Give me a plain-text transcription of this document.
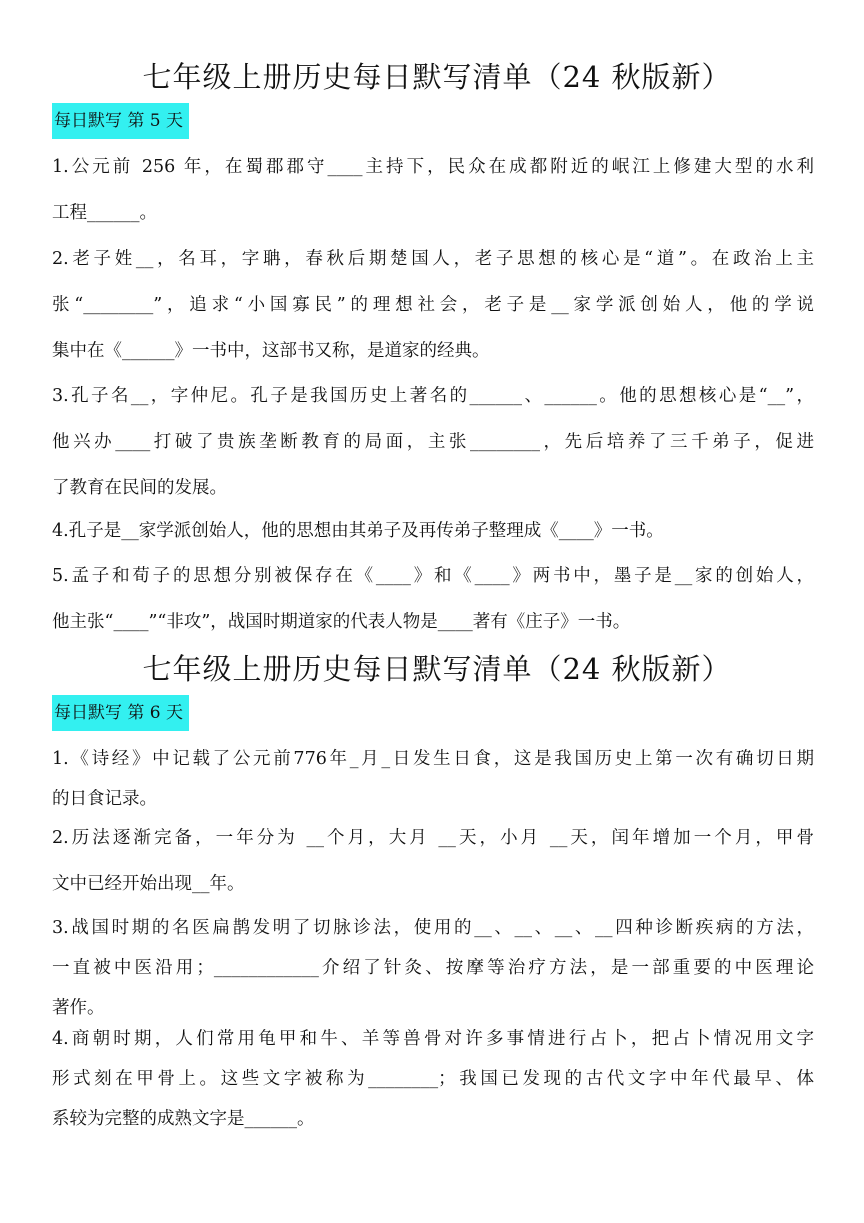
七年级上册历史每日默写清单（24 秋版新）
每日默写 第 5 天
1.公元前 256 年，在蜀郡郡守____主持下，民众在成都附近的岷江上修建大型的水利
工程______。
2.老子姓__，名耳，字聃，春秋后期楚国人，老子思想的核心是“道”。在政治上主
张“________”，追求“小国寡民”的理想社会，老子是__家学派创始人，他的学说
集中在《______》一书中，这部书又称，是道家的经典。
3.孔子名__，字仲尼。孔子是我国历史上著名的______、______。他的思想核心是“__”，
他兴办____打破了贵族垄断教育的局面，主张________，先后培养了三千弟子，促进
了教育在民间的发展。
4.孔子是__家学派创始人，他的思想由其弟子及再传弟子整理成《____》一书。
5.孟子和荀子的思想分别被保存在《____》和《____》两书中，墨子是__家的创始人，
他主张“____”“非攻”，战国时期道家的代表人物是____著有《庄子》一书。
七年级上册历史每日默写清单（24 秋版新）
每日默写 第 6 天
1.《诗经》中记载了公元前776年_月_日发生日食，这是我国历史上第一次有确切日期
的日食记录。
2.历法逐渐完备，一年分为 __个月，大月 __天，小月 __天，闰年增加一个月，甲骨
文中已经开始出现__年。
3.战国时期的名医扁鹊发明了切脉诊法，使用的__、__、__、__四种诊断疾病的方法，
一直被中医沿用；____________介绍了针灸、按摩等治疗方法，是一部重要的中医理论
著作。
4.商朝时期，人们常用龟甲和牛、羊等兽骨对许多事情进行占卜，把占卜情况用文字
形式刻在甲骨上。这些文字被称为________；我国已发现的古代文字中年代最早、体
系较为完整的成熟文字是______。
